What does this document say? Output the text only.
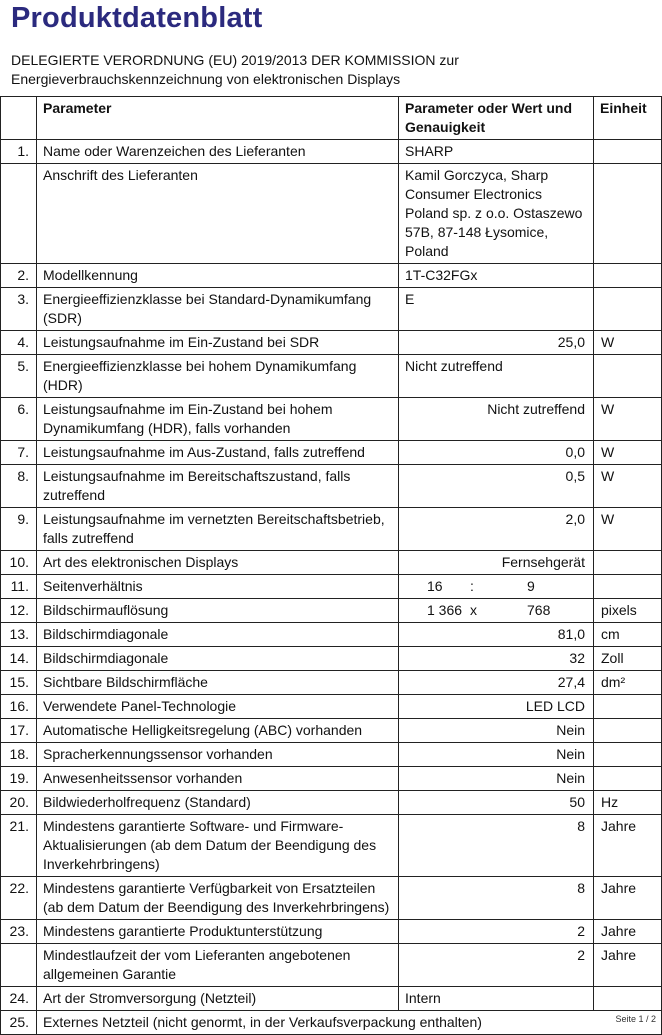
Produktdatenblatt
DELEGIERTE VERORDNUNG (EU) 2019/2013 DER KOMMISSION zur Energieverbrauchskennzeichnung von elektronischen Displays
	Parameter	Parameter oder Wert und Genauigkeit	Einheit
1.	Name oder Warenzeichen des Lieferanten	SHARP	
	Anschrift des Lieferanten	Kamil Gorczyca, Sharp Consumer Electronics Poland sp. z o.o. Ostaszewo 57B, 87-148 Łysomice, Poland	
2.	Modellkennung	1T-C32FGx	
3.	Energieeffizienzklasse bei Standard-Dynamikumfang (SDR)	E	
4.	Leistungsaufnahme im Ein-Zustand bei SDR	25,0	W
5.	Energieeffizienzklasse bei hohem Dynamikumfang (HDR)	Nicht zutreffend	
6.	Leistungsaufnahme im Ein-Zustand bei hohem Dynamikumfang (HDR), falls vorhanden	Nicht zutreffend	W
7.	Leistungsaufnahme im Aus-Zustand, falls zutreffend	0,0	W
8.	Leistungsaufnahme im Bereitschaftszustand, falls zutreffend	0,5	W
9.	Leistungsaufnahme im vernetzten Bereitschaftsbetrieb, falls zutreffend	2,0	W
10.	Art des elektronischen Displays	Fernsehgerät	
11.	Seitenverhältnis	16 : 9	

12.	Bildschirmauflösung	1 366 x 768	pixels
13.	Bildschirmdiagonale	81,0	cm
14.	Bildschirmdiagonale	32	Zoll
15.	Sichtbare Bildschirmfläche	27,4	dm²
16.	Verwendete Panel-Technologie	LED LCD	
17.	Automatische Helligkeitsregelung (ABC) vorhanden	Nein	
18.	Spracherkennungssensor vorhanden	Nein	
19.	Anwesenheitssensor vorhanden	Nein	
20.	Bildwiederholfrequenz (Standard)	50	Hz
21.	Mindestens garantierte Software- und Firmware-Aktualisierungen (ab dem Datum der Beendigung des Inverkehrbringens)	8	Jahre
22.	Mindestens garantierte Verfügbarkeit von Ersatzteilen (ab dem Datum der Beendigung des Inverkehrbringens)	8	Jahre
23.	Mindestens garantierte Produktunterstützung	2	Jahre
	Mindestlaufzeit der vom Lieferanten angebotenen allgemeinen Garantie	2	Jahre
24.	Art der Stromversorgung (Netzteil)	Intern	
25.	Externes Netzteil (nicht genormt, in der Verkaufsverpackung enthalten)			Seite 1 / 2
